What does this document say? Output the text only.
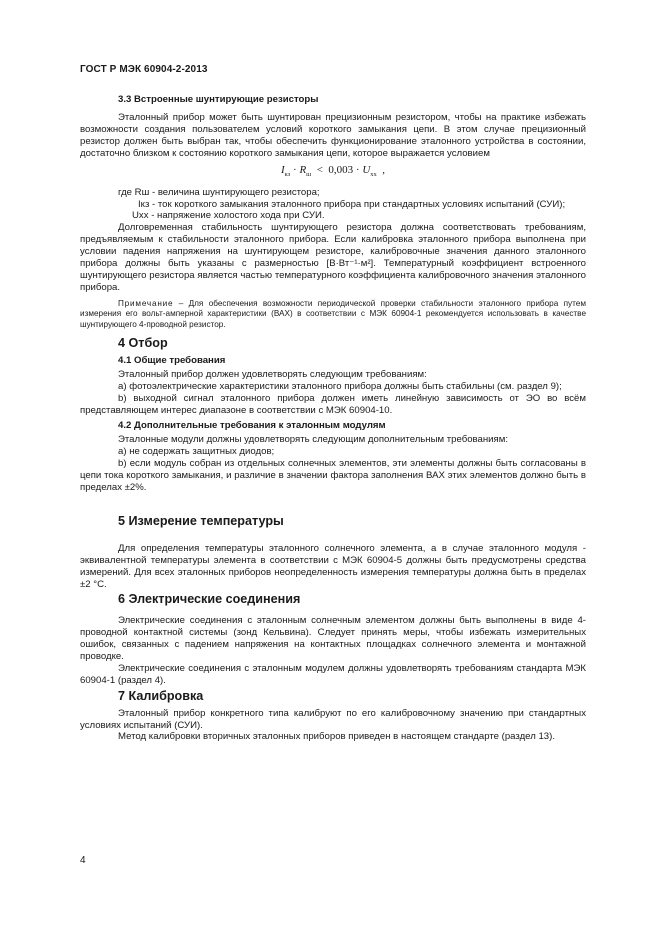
ГОСТ Р МЭК 60904-2-2013
3.3 Встроенные шунтирующие резисторы

Эталонный прибор может быть шунтирован прецизионным резистором, чтобы на практике избежать возможности создания пользователем условий короткого замыкания цепи. В этом случае прецизионный резистор должен быть выбран так, чтобы обеспечить функционирование эталонного устройства в состоянии, достаточно близком к состоянию короткого замыкания цепи, которое выражается условием

$I_{кз} \cdot R_ш < 0,003 \cdot U_{хх}$ ,

где Rш - величина шунтирующего резистора;

Iкз - ток короткого замыкания эталонного прибора при стандартных условиях испытаний (СУИ);

Uхх - напряжение холостого хода при СУИ.

Долговременная стабильность шунтирующего резистора должна соответствовать требованиям, предъявляемым к стабильности эталонного прибора. Если калибровка эталонного прибора выполнена при условии падения напряжения на шунтирующем резисторе, калибровочные значения данного эталонного прибора должны быть указаны с размерностью [В·Вт⁻¹·м²]. Температурный коэффициент встроенного шунтирующего резистора является частью температурного коэффициента калибровочного значения эталонного прибора.

Примечание – Для обеспечения возможности периодической проверки стабильности эталонного прибора путем измерения его вольт-амперной характеристики (ВАХ) в соответствии с МЭК 60904-1 рекомендуется использовать в качестве шунтирующего 4-проводной резистор.
4 Отбор
4.1 Общие требования

Эталонный прибор должен удовлетворять следующим требованиям:

а) фотоэлектрические характеристики эталонного прибора должны быть стабильны (см. раздел 9);

b) выходной сигнал эталонного прибора должен иметь линейную зависимость от ЭО во всём представляющем интерес диапазоне в соответствии с МЭК 60904-10.

4.2 Дополнительные требования к эталонным модулям

Эталонные модули должны удовлетворять следующим дополнительным требованиям:

а) не содержать защитных диодов;

b) если модуль собран из отдельных солнечных элементов, эти элементы должны быть согласованы в цепи тока короткого замыкания, и различие в значении фактора заполнения ВАХ этих элементов должно быть в пределах ±2%.

5 Измерение температуры

Для определения температуры эталонного солнечного элемента, а в случае эталонного модуля - эквивалентной температуры элемента в соответствии с МЭК 60904-5 должны быть предусмотрены средства измерений. Для всех эталонных приборов неопределенность измерения температуры должна быть в пределах ±2 °С.

6 Электрические соединения

Электрические соединения с эталонным солнечным элементом должны быть выполнены в виде 4-проводной контактной системы (зонд Кельвина). Следует принять меры, чтобы избежать измерительных ошибок, связанных с падением напряжения на контактных площадках солнечного элемента и монтажной проводке.

Электрические соединения с эталонным модулем должны удовлетворять требованиям стандарта МЭК 60904-1 (раздел 4).

7 Калибровка

Эталонный прибор конкретного типа калибруют по его калибровочному значению при стандартных условиях испытаний (СУИ).

Метод калибровки вторичных эталонных приборов приведен в настоящем стандарте (раздел 13).

4
